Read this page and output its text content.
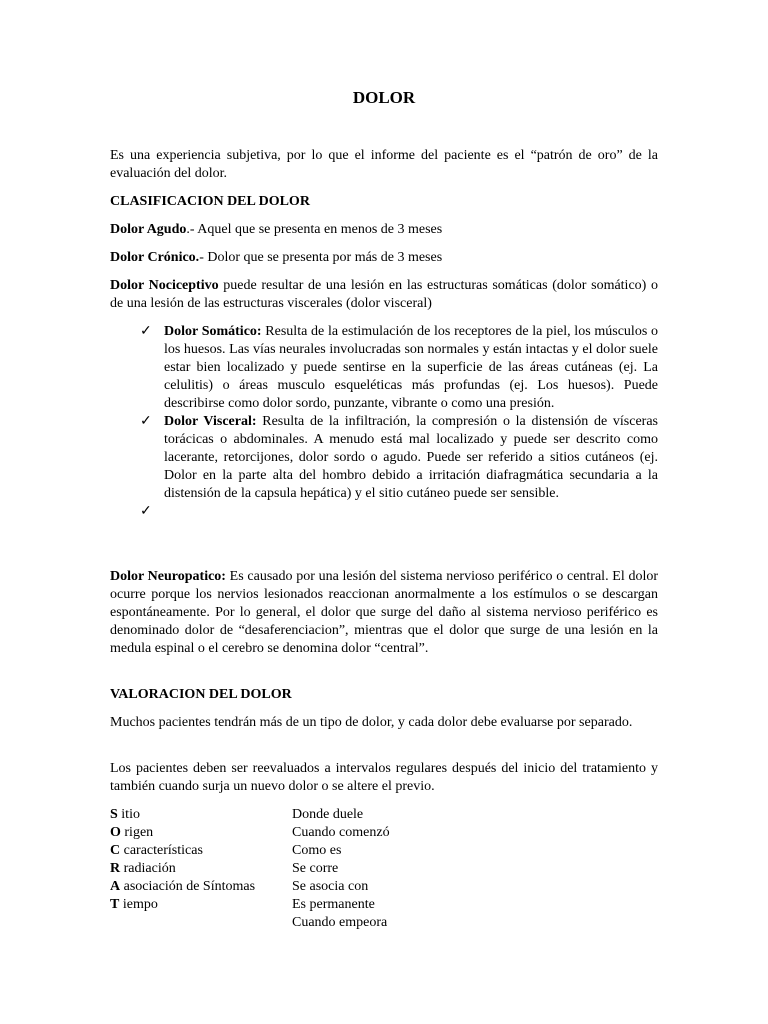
DOLOR

Es una experiencia subjetiva, por lo que el informe del paciente es el “patrón de oro” de la evaluación del dolor.

CLASIFICACION DEL DOLOR

Dolor Agudo.- Aquel que se presenta en menos de 3 meses

Dolor Crónico.- Dolor que se presenta por más de 3 meses

Dolor Nociceptivo puede resultar de una lesión en las estructuras somáticas (dolor somático) o de una lesión de las estructuras viscerales (dolor visceral)

✓ Dolor Somático: Resulta de la estimulación de los receptores de la piel, los músculos o los huesos. Las vías neurales involucradas son normales y están intactas y el dolor suele estar bien localizado y puede sentirse en la superficie de las áreas cutáneas (ej. La celulitis) o áreas musculo esqueléticas más profundas (ej. Los huesos). Puede describirse como dolor sordo, punzante, vibrante o como una presión.
✓ Dolor Visceral: Resulta de la infiltración, la compresión o la distensión de vísceras torácicas o abdominales. A menudo está mal localizado y puede ser descrito como lacerante, retorcijones, dolor sordo o agudo. Puede ser referido a sitios cutáneos (ej. Dolor en la parte alta del hombro debido a irritación diafragmática secundaria a la distensión de la capsula hepática) y el sitio cutáneo puede ser sensible.
✓

Dolor Neuropatico: Es causado por una lesión del sistema nervioso periférico o central. El dolor ocurre porque los nervios lesionados reaccionan anormalmente a los estímulos o se descargan espontáneamente. Por lo general, el dolor que surge del daño al sistema nervioso periférico es denominado dolor de “desaferenciacion”, mientras que el dolor que surge de una lesión en la medula espinal o el cerebro se denomina dolor “central”.

VALORACION DEL DOLOR

Muchos pacientes tendrán más de un tipo de dolor, y cada dolor debe evaluarse por separado.

Los pacientes deben ser reevaluados a intervalos regulares después del inicio del tratamiento y también cuando surja un nuevo dolor o se altere el previo.

S itio	Donde duele
O rigen	Cuando comenzó
C características	Como es
R radiación	Se corre
A asociación de Síntomas	Se asocia con
T iempo	Es permanente
	Cuando empeora
